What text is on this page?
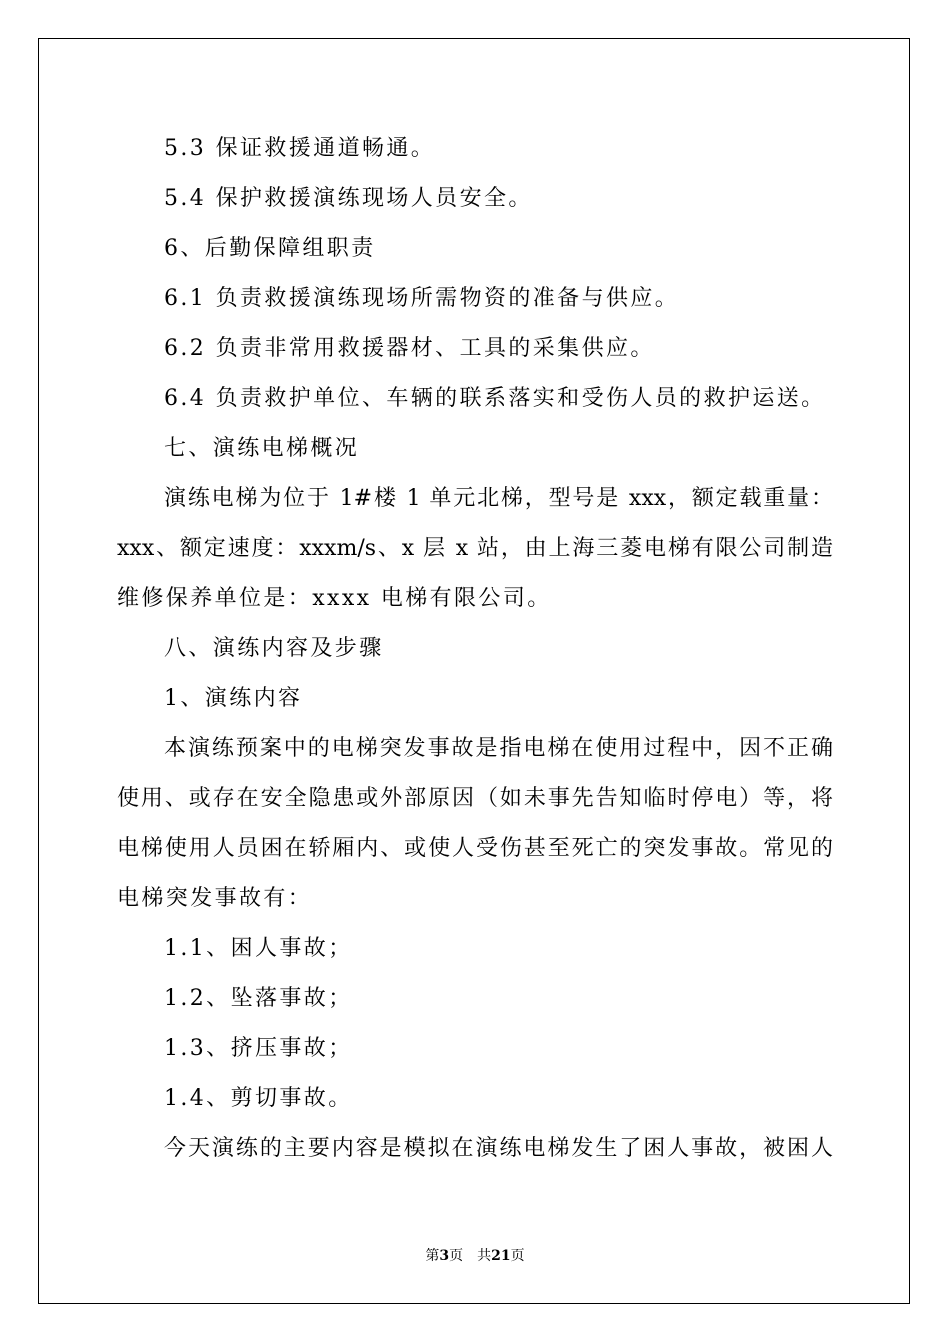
5.3 保证救援通道畅通。
5.4 保护救援演练现场人员安全。
6、后勤保障组职责
6.1 负责救援演练现场所需物资的准备与供应。
6.2 负责非常用救援器材、工具的采集供应。
6.4 负责救护单位、车辆的联系落实和受伤人员的救护运送。
七、演练电梯概况
演练电梯为位于 1#楼 1 单元北梯，型号是 xxx，额定载重量：
xxx、额定速度：xxxm/s、x 层 x 站，由上海三菱电梯有限公司制造
维修保养单位是：xxxx 电梯有限公司。
八、演练内容及步骤
1、演练内容
本演练预案中的电梯突发事故是指电梯在使用过程中，因不正确
使用、或存在安全隐患或外部原因（如未事先告知临时停电）等，将
电梯使用人员困在轿厢内、或使人受伤甚至死亡的突发事故。常见的
电梯突发事故有：
1.1、困人事故；
1.2、坠落事故；
1.3、挤压事故；
1.4、剪切事故。
今天演练的主要内容是模拟在演练电梯发生了困人事故，被困人
第3页　共21页
